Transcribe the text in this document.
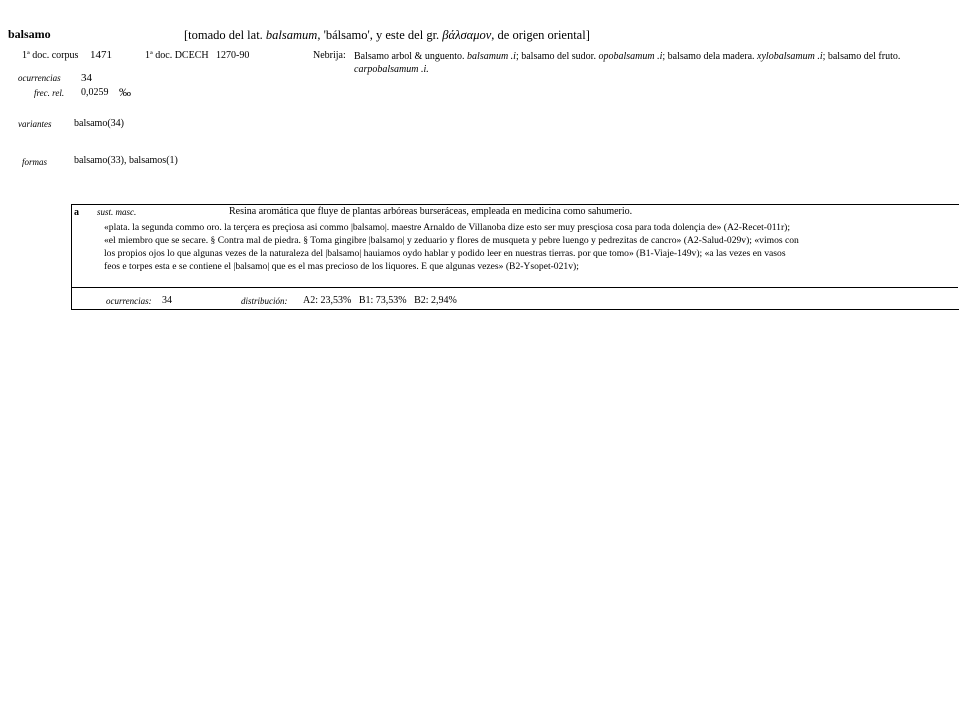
balsamo	[tomado del lat. balsamum, 'bálsamo', y este del gr. βάλσαμον, de origen oriental]
1ª doc. corpus 1471	1ª doc. DCECH 1270-90	Nebrija: Balsamo arbol & unguento. balsamum .i; balsamo del sudor. opobalsamum .i; balsamo dela madera. xylobalsamum .i; balsamo del fruto. carpobalsamum .i.
ocurrencias 34
frec. rel. 0,0259 ‰
variantes balsamo(34)
formas	balsamo(33), balsamos(1)
a sust. masc.	Resina aromática que fluye de plantas arbóreas burseráceas, empleada en medicina como sahumerio.
«plata. la segunda commo oro. la terçera es preçiosa asi commo |balsamo|. maestre Arnaldo de Villanoba dize esto ser muy presçiosa cosa para toda dolençia de» (A2-Recet-011r);
«el miembro que se secare. § Contra mal de piedra. § Toma gingibre |balsamo| y zeduario y flores de musqueta y pebre luengo y pedrezitas de cancro» (A2-Salud-029v); «vimos con
los propios ojos lo que algunas vezes de la naturaleza del |balsamo| hauiamos oydo hablar y podido leer en nuestras tierras. por que tomo» (B1-Viaje-149v); «a las vezes en vasos
feos e torpes esta e se contiene el |balsamo| que es el mas precioso de los liquores. E que algunas vezes» (B2-Ysopet-021v);
ocurrencias: 34	distribución: A2: 23,53%   B1: 73,53%   B2: 2,94%
